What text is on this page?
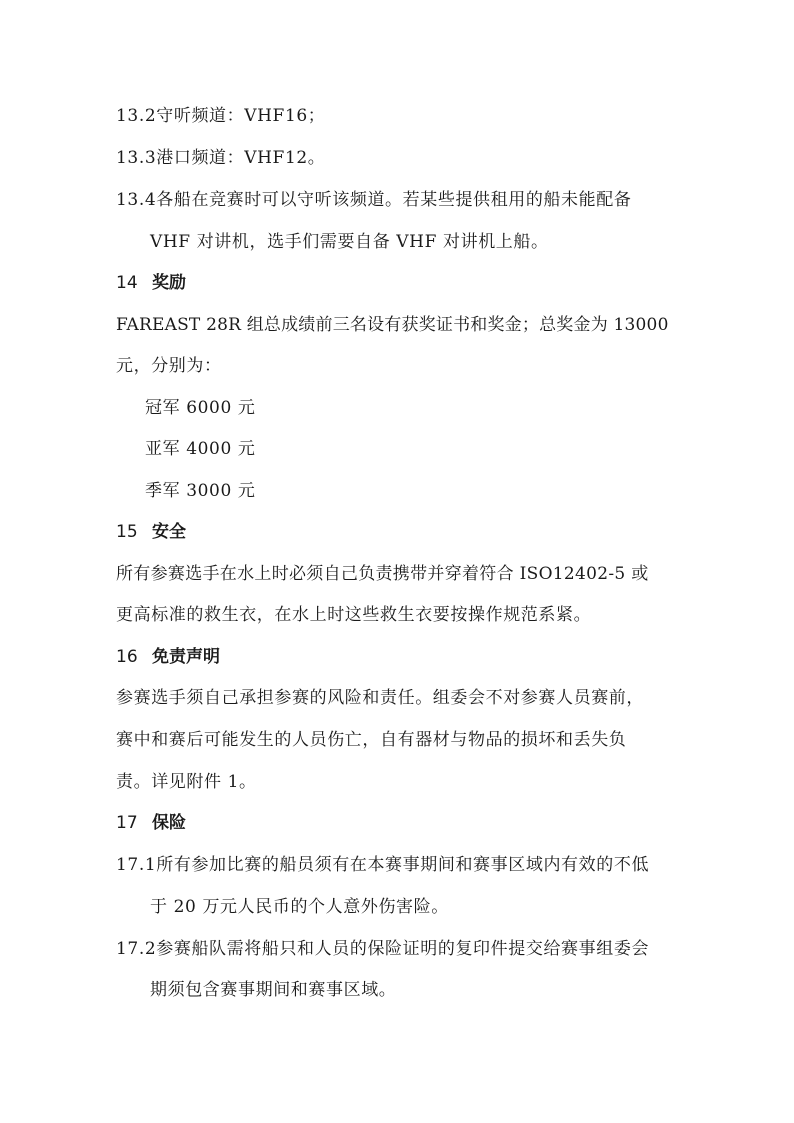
13.2守听频道：VHF16；
13.3港口频道：VHF12。
13.4各船在竞赛时可以守听该频道。若某些提供租用的船未能配备
VHF 对讲机，选手们需要自备 VHF 对讲机上船。
14 奖励
FAREAST 28R 组总成绩前三名设有获奖证书和奖金；总奖金为 13000
元，分别为：
冠军 6000 元
亚军 4000 元
季军 3000 元
15 安全
所有参赛选手在水上时必须自己负责携带并穿着符合 ISO12402-5 或
更高标准的救生衣，在水上时这些救生衣要按操作规范系紧。
16 免责声明
参赛选手须自己承担参赛的风险和责任。组委会不对参赛人员赛前，
赛中和赛后可能发生的人员伤亡，自有器材与物品的损坏和丢失负
责。详见附件 1。
17 保险
17.1所有参加比赛的船员须有在本赛事期间和赛事区域内有效的不低
于 20 万元人民币的个人意外伤害险。
17.2参赛船队需将船只和人员的保险证明的复印件提交给赛事组委会
期须包含赛事期间和赛事区域。
